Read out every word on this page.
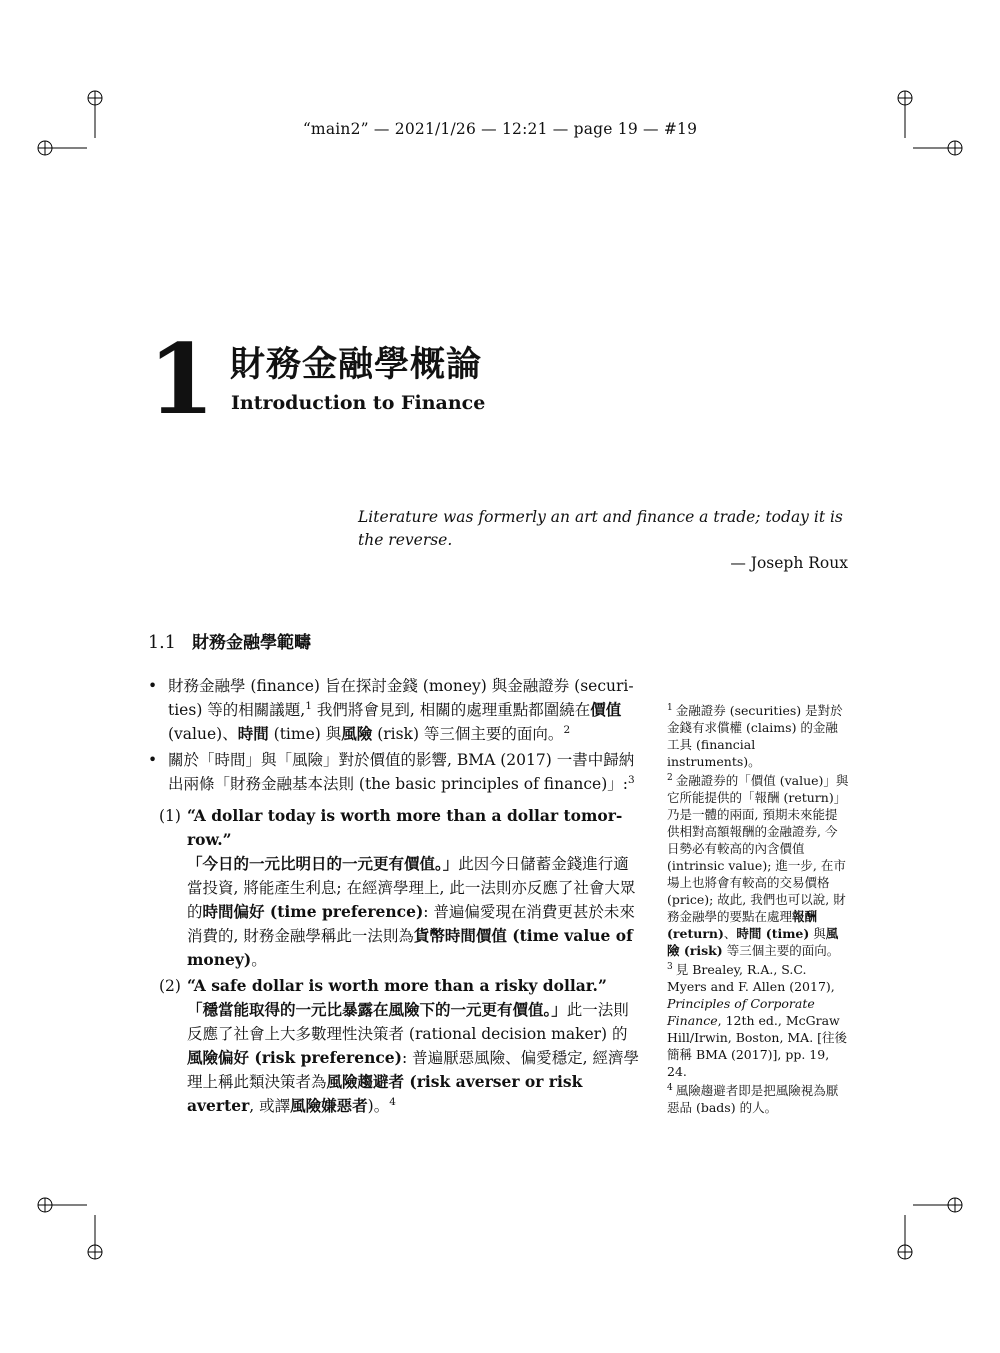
“main2” — 2021/1/26 — 12:21 — page 19 — #19
1 財務金融學概論
Introduction to Finance
Literature was formerly an art and finance a trade; today it is
the reverse.
— Joseph Roux
1.1 財務金融學範疇

• 財務金融學 (finance) 旨在探討金錢 (money) 與金融證券 (securi-ties) 等的相關議題,$^1$ 我們將會見到, 相關的處理重點都圍繞在價值 (value)、時間 (time) 與風險 (risk) 等三個主要的面向。$^2$

• 關於「時間」與「風險」對於價值的影響, BMA (2017) 一書中歸納出兩條「財務金融基本法則 (the basic principles of finance)」:$^3$

(1) “A dollar today is worth more than a dollar tomor-row.”
「今日的一元比明日的一元更有價值。」此因今日儲蓄金錢進行適當投資, 將能產生利息; 在經濟學理上, 此一法則亦反應了社會大眾的時間偏好 (time preference): 普遍偏愛現在消費更甚於未來消費的, 財務金融學稱此一法則為貨幣時間價值 (time value of money)。
(2) “A safe dollar is worth more than a risky dollar.”
「穩當能取得的一元比暴露在風險下的一元更有價值。」此一法則反應了社會上大多數理性決策者 (rational decision maker) 的風險偏好 (risk preference): 普遍厭惡風險、偏愛穩定, 經濟學理上稱此類決策者為風險趨避者 (risk averser or risk averter, 或譯風險嫌惡者)。$^4$

$^1$ 金融證券 (securities) 是對於金錢有求償權 (claims) 的金融工具 (financial instruments)。

$^2$ 金融證券的「價值 (value)」與它所能提供的「報酬 (return)」乃是一體的兩面, 預期未來能提供相對高額報酬的金融證券, 今日勢必有較高的內含價值 (intrinsic value); 進一步, 在市場上也將會有較高的交易價格 (price); 故此, 我們也可以說, 財務金融學的要點在處理報酬 (return)、時間 (time) 與風險 (risk) 等三個主要的面向。

$^3$ 見 Brealey, R.A., S.C. Myers and F. Allen (2017), Principles of Corporate Finance, 12th ed., McGraw Hill/Irwin, Boston, MA. [往後簡稱 BMA (2017)], pp. 19, 24.

$^4$ 風險趨避者即是把風險視為厭惡品 (bads) 的人。
